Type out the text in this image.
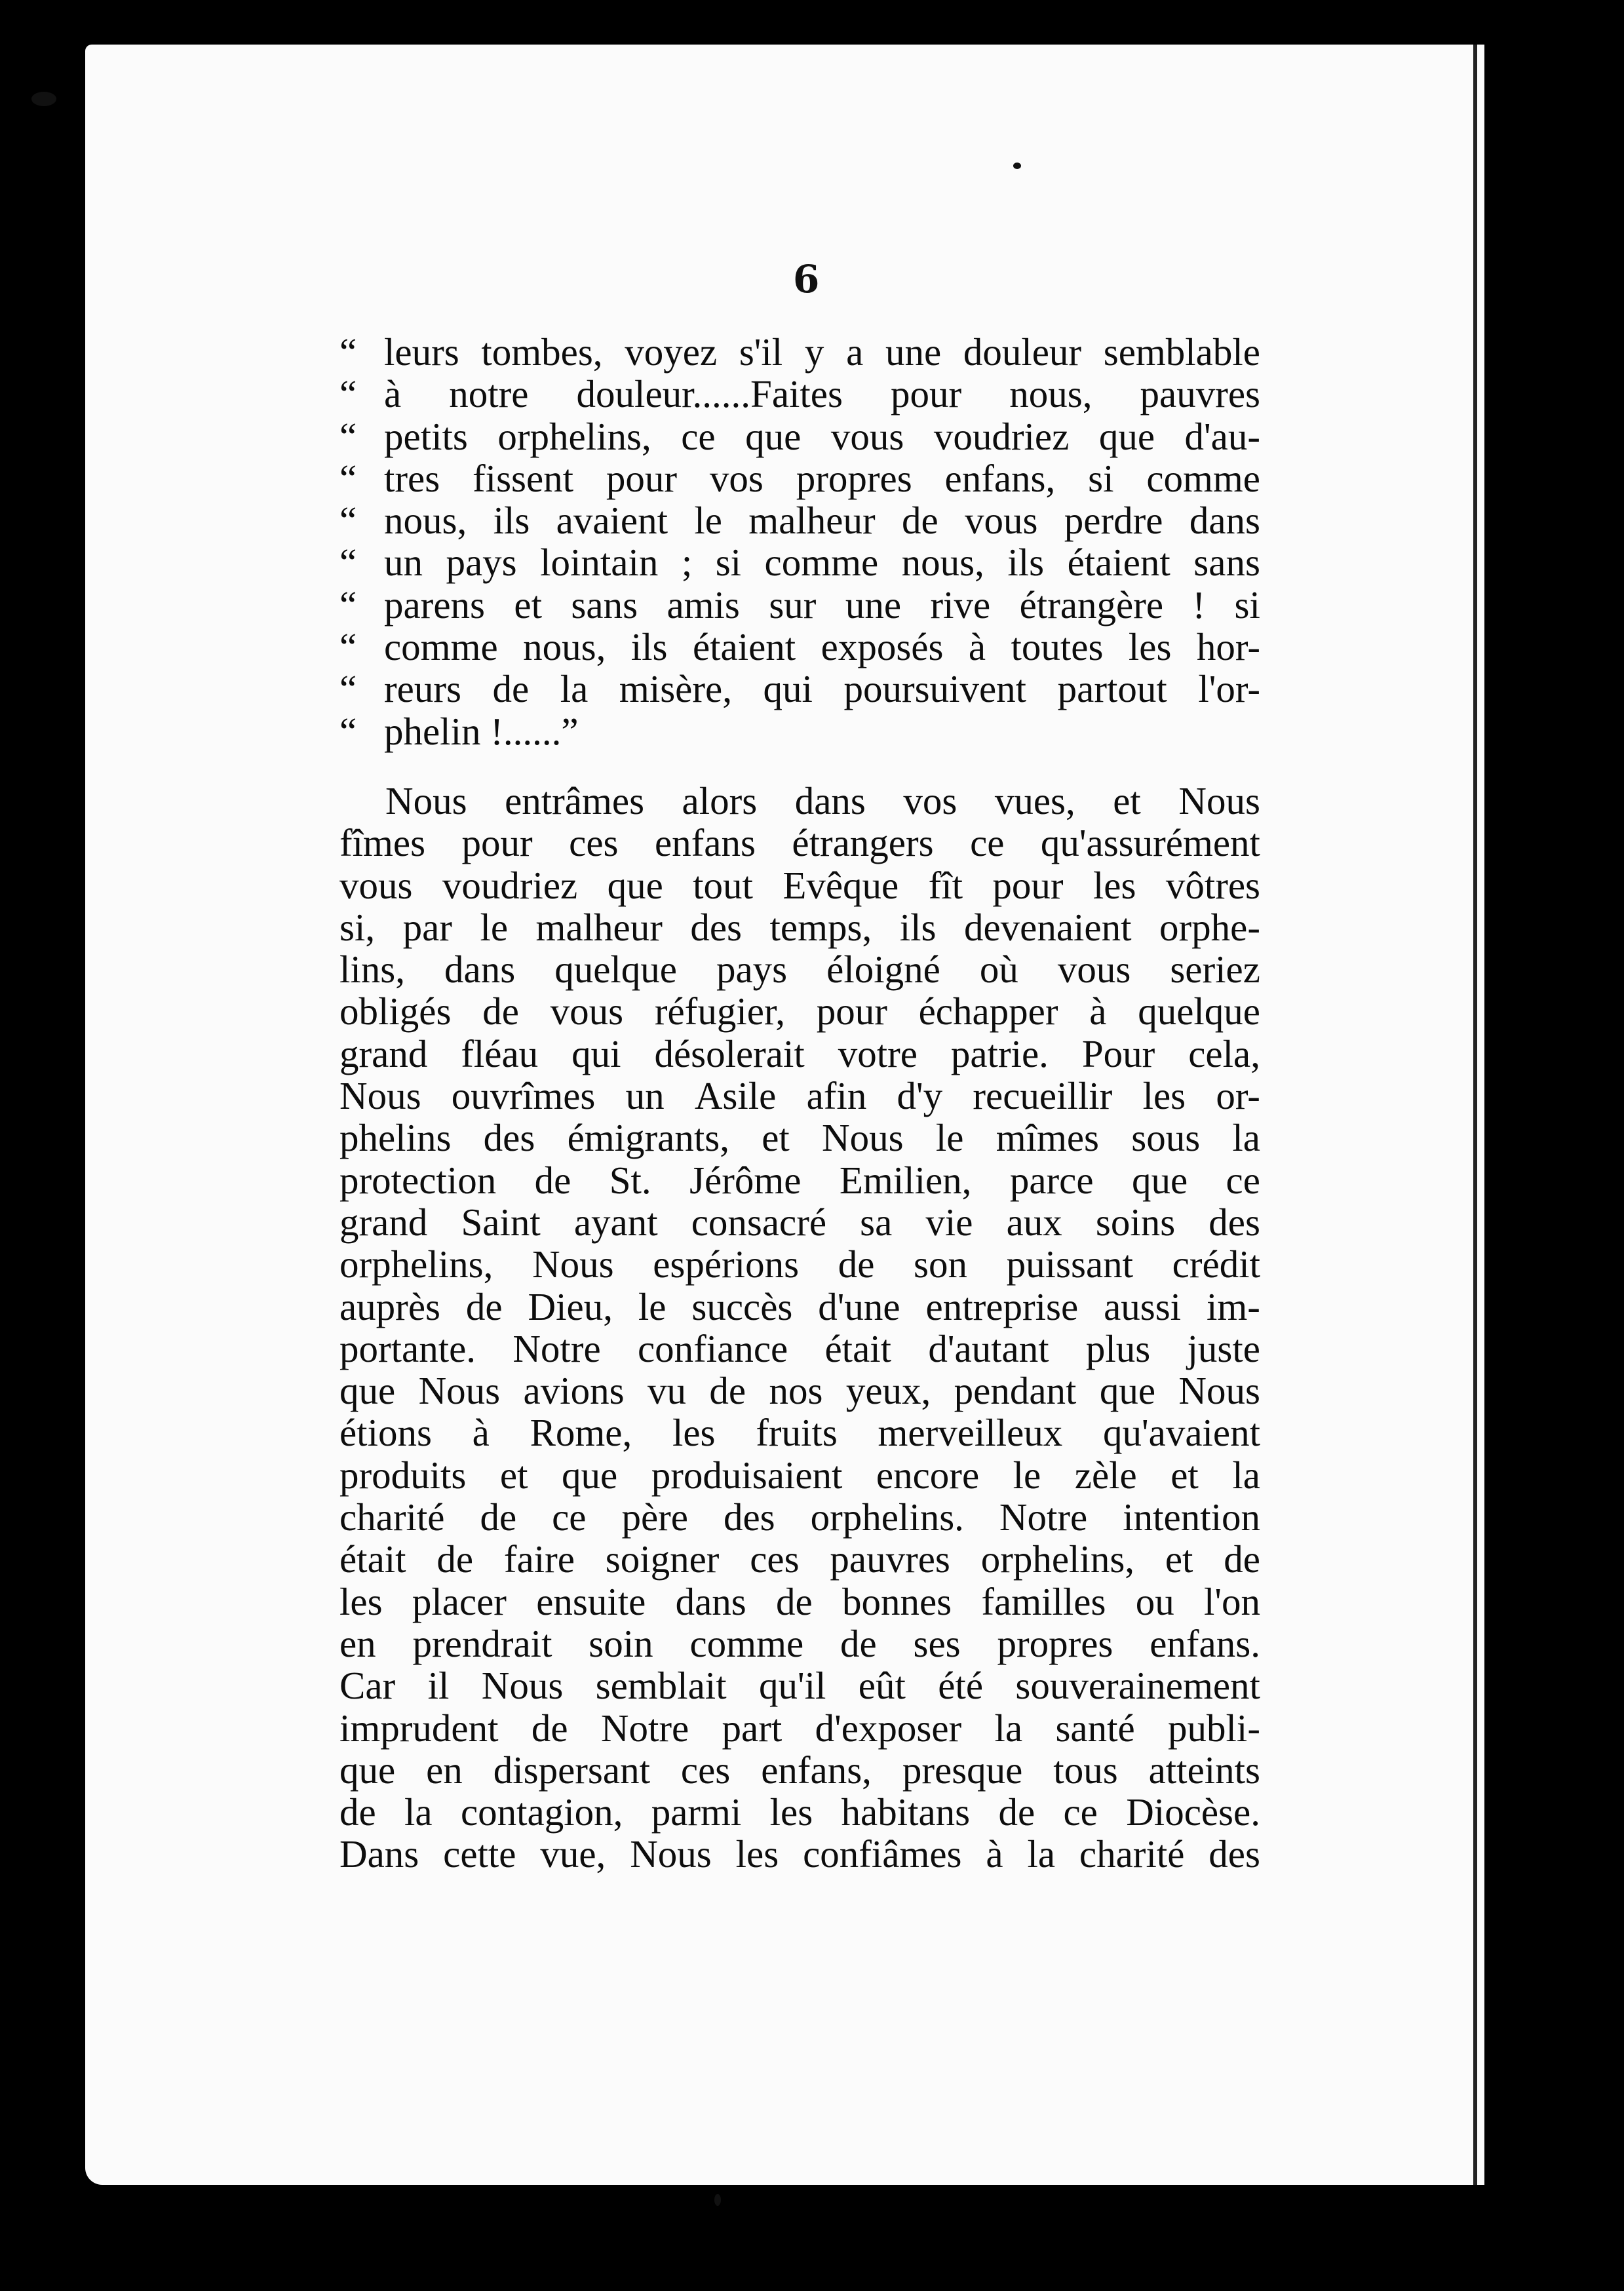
6
“ leurs tombes, voyez s'il y a une douleur semblable
“ à notre douleur......Faites pour nous, pauvres
“ petits orphelins, ce que vous voudriez que d'au-
“ tres fissent pour vos propres enfans, si comme
“ nous, ils avaient le malheur de vous perdre dans
“ un pays lointain ; si comme nous, ils étaient sans
“ parens et sans amis sur une rive étrangère ! si
“ comme nous, ils étaient exposés à toutes les hor-
“ reurs de la misère, qui poursuivent partout l'or-
“ phelin !......”
Nous entrâmes alors dans vos vues, et Nous
fîmes pour ces enfans étrangers ce qu'assurément
vous voudriez que tout Evêque fît pour les vôtres
si, par le malheur des temps, ils devenaient orphe-
lins, dans quelque pays éloigné où vous seriez
obligés de vous réfugier, pour échapper à quelque
grand fléau qui désolerait votre patrie. Pour cela,
Nous ouvrîmes un Asile afin d'y recueillir les or-
phelins des émigrants, et Nous le mîmes sous la
protection de St. Jérôme Emilien, parce que ce
grand Saint ayant consacré sa vie aux soins des
orphelins, Nous espérions de son puissant crédit
auprès de Dieu, le succès d'une entreprise aussi im-
portante. Notre confiance était d'autant plus juste
que Nous avions vu de nos yeux, pendant que Nous
étions à Rome, les fruits merveilleux qu'avaient
produits et que produisaient encore le zèle et la
charité de ce père des orphelins. Notre intention
était de faire soigner ces pauvres orphelins, et de
les placer ensuite dans de bonnes familles ou l'on
en prendrait soin comme de ses propres enfans.
Car il Nous semblait qu'il eût été souverainement
imprudent de Notre part d'exposer la santé publi-
que en dispersant ces enfans, presque tous atteints
de la contagion, parmi les habitans de ce Diocèse.
Dans cette vue, Nous les confiâmes à la charité des
